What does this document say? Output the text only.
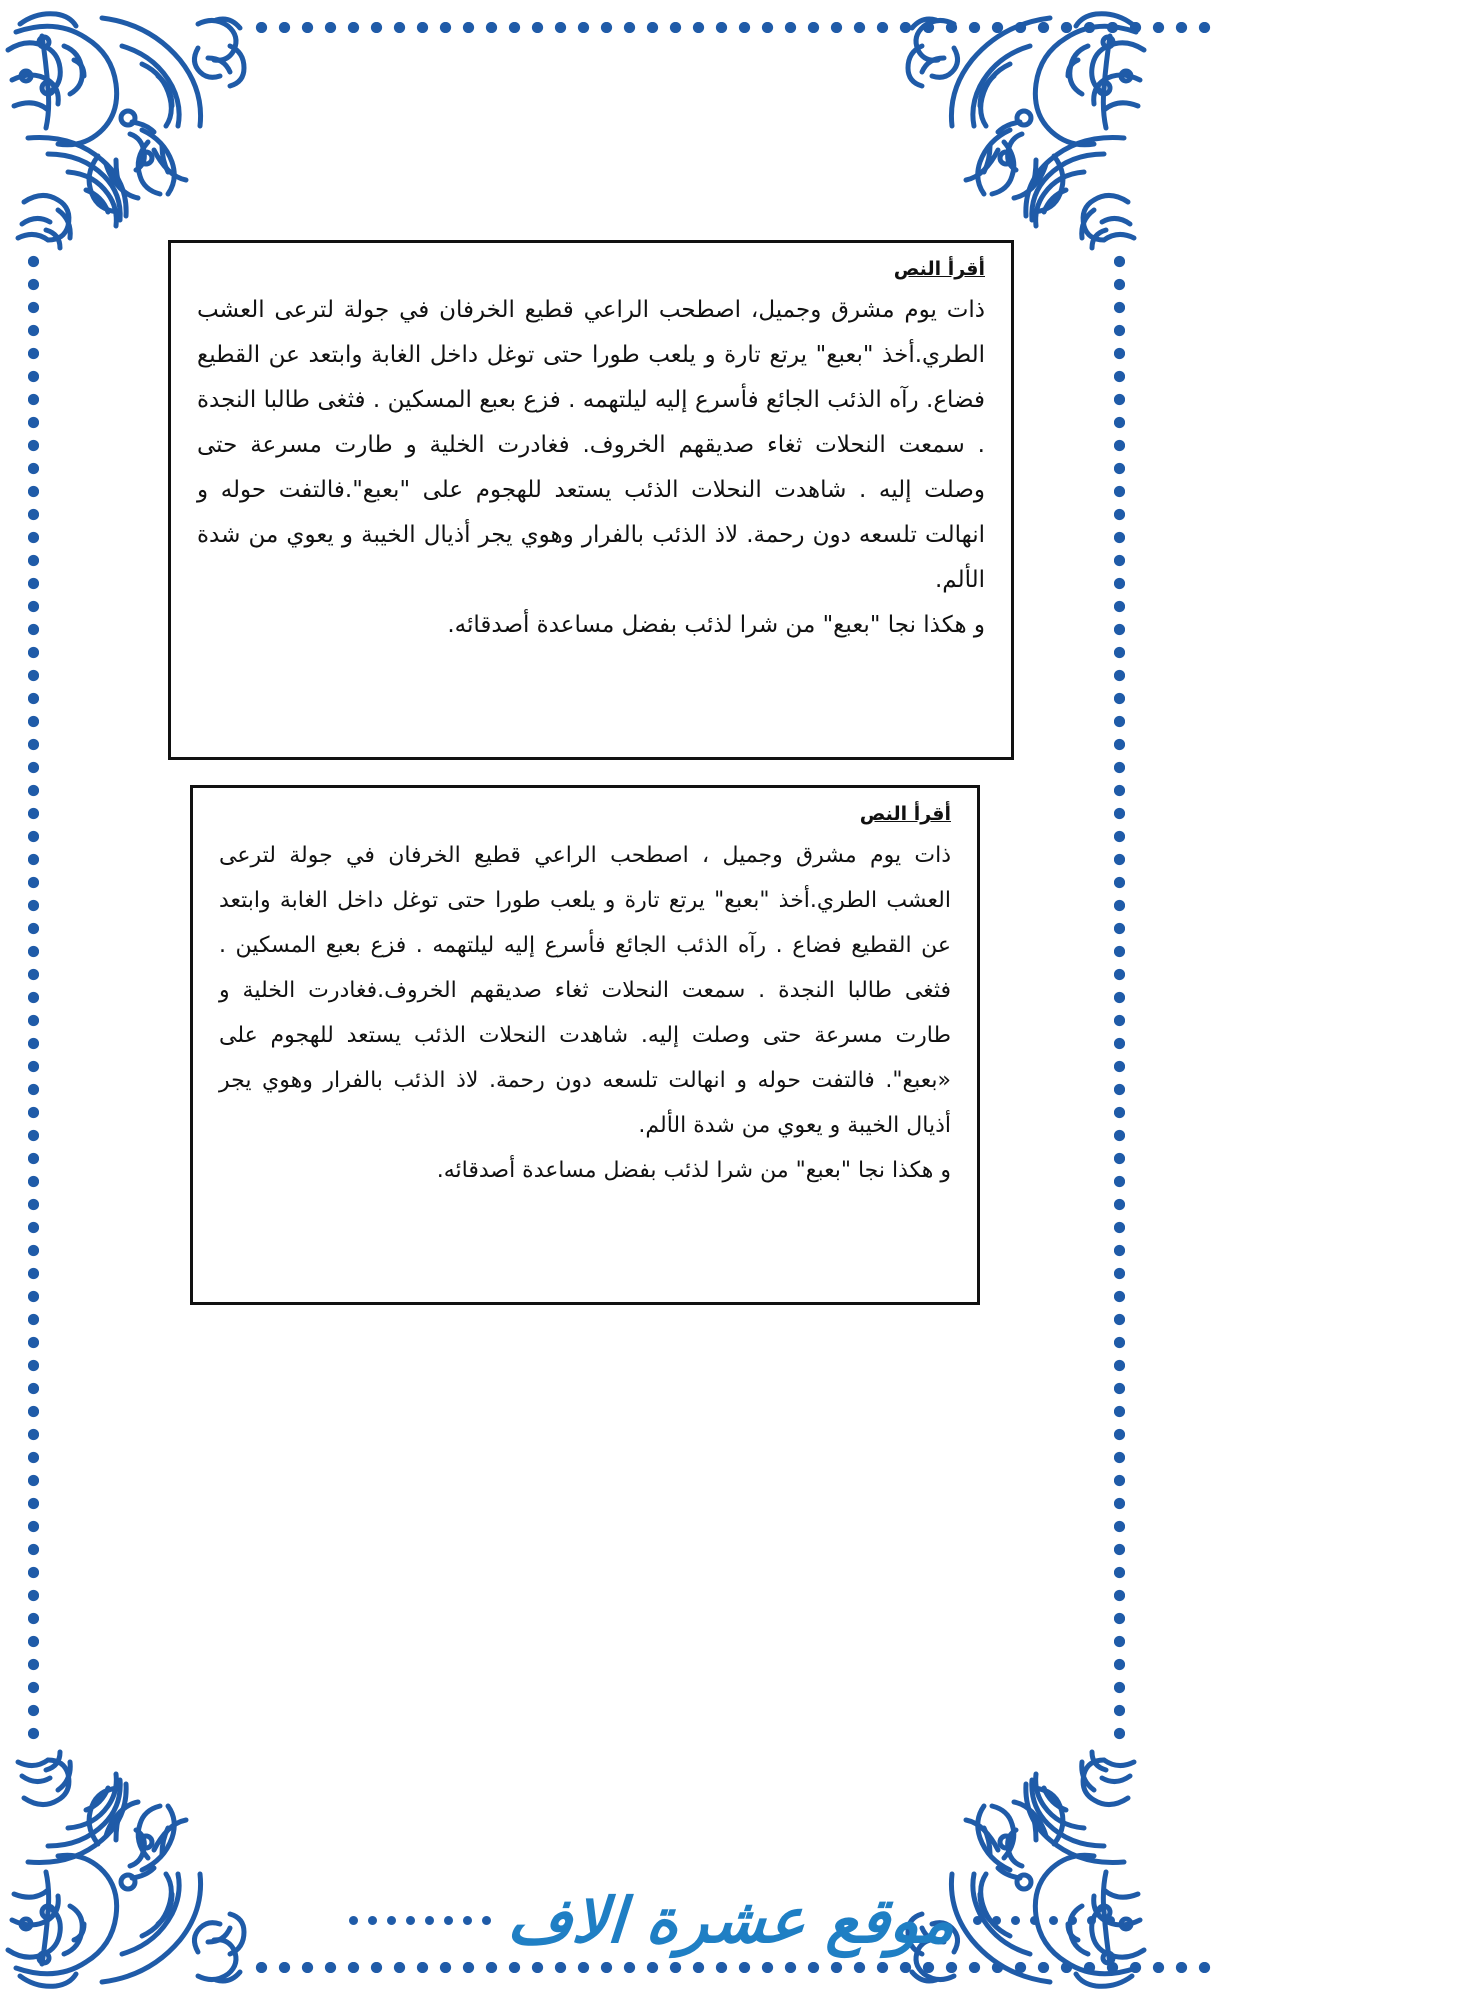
أقرأ النص
ذات يوم مشرق وجميل، اصطحب الراعي قطيع الخرفان في جولة لترعى العشب الطري.أخذ "بعبع" يرتع تارة و يلعب طورا حتى توغل داخل الغابة وابتعد عن القطيع فضاع. رآه الذئب الجائع فأسرع إليه ليلتهمه . فزع بعبع المسكين . فثغى طالبا النجدة . سمعت النحلات ثغاء صديقهم الخروف. فغادرت الخلية و طارت مسرعة حتى وصلت إليه . شاهدت النحلات الذئب يستعد للهجوم على "بعبع".فالتفت حوله و انهالت تلسعه دون رحمة. لاذ الذئب بالفرار وهوي يجر أذيال الخيبة و يعوي من شدة الألم.
و هكذا نجا "بعبع" من شرا لذئب بفضل مساعدة أصدقائه.
أقرأ النص
ذات يوم مشرق وجميل ، اصطحب الراعي قطيع الخرفان في جولة لترعى العشب الطري.أخذ "بعبع" يرتع تارة و يلعب طورا حتى توغل داخل الغابة وابتعد عن القطيع فضاع . رآه الذئب الجائع فأسرع إليه ليلتهمه . فزع بعبع المسكين . فثغى طالبا النجدة . سمعت النحلات ثغاء صديقهم الخروف.فغادرت الخلية و طارت مسرعة حتى وصلت إليه. شاهدت النحلات الذئب يستعد للهجوم على «بعبع". فالتفت حوله و انهالت تلسعه دون رحمة. لاذ الذئب بالفرار وهوي يجر أذيال الخيبة و يعوي من شدة الألم.
و هكذا نجا "بعبع" من شرا لذئب بفضل مساعدة أصدقائه.
موقع عشرة الاف
